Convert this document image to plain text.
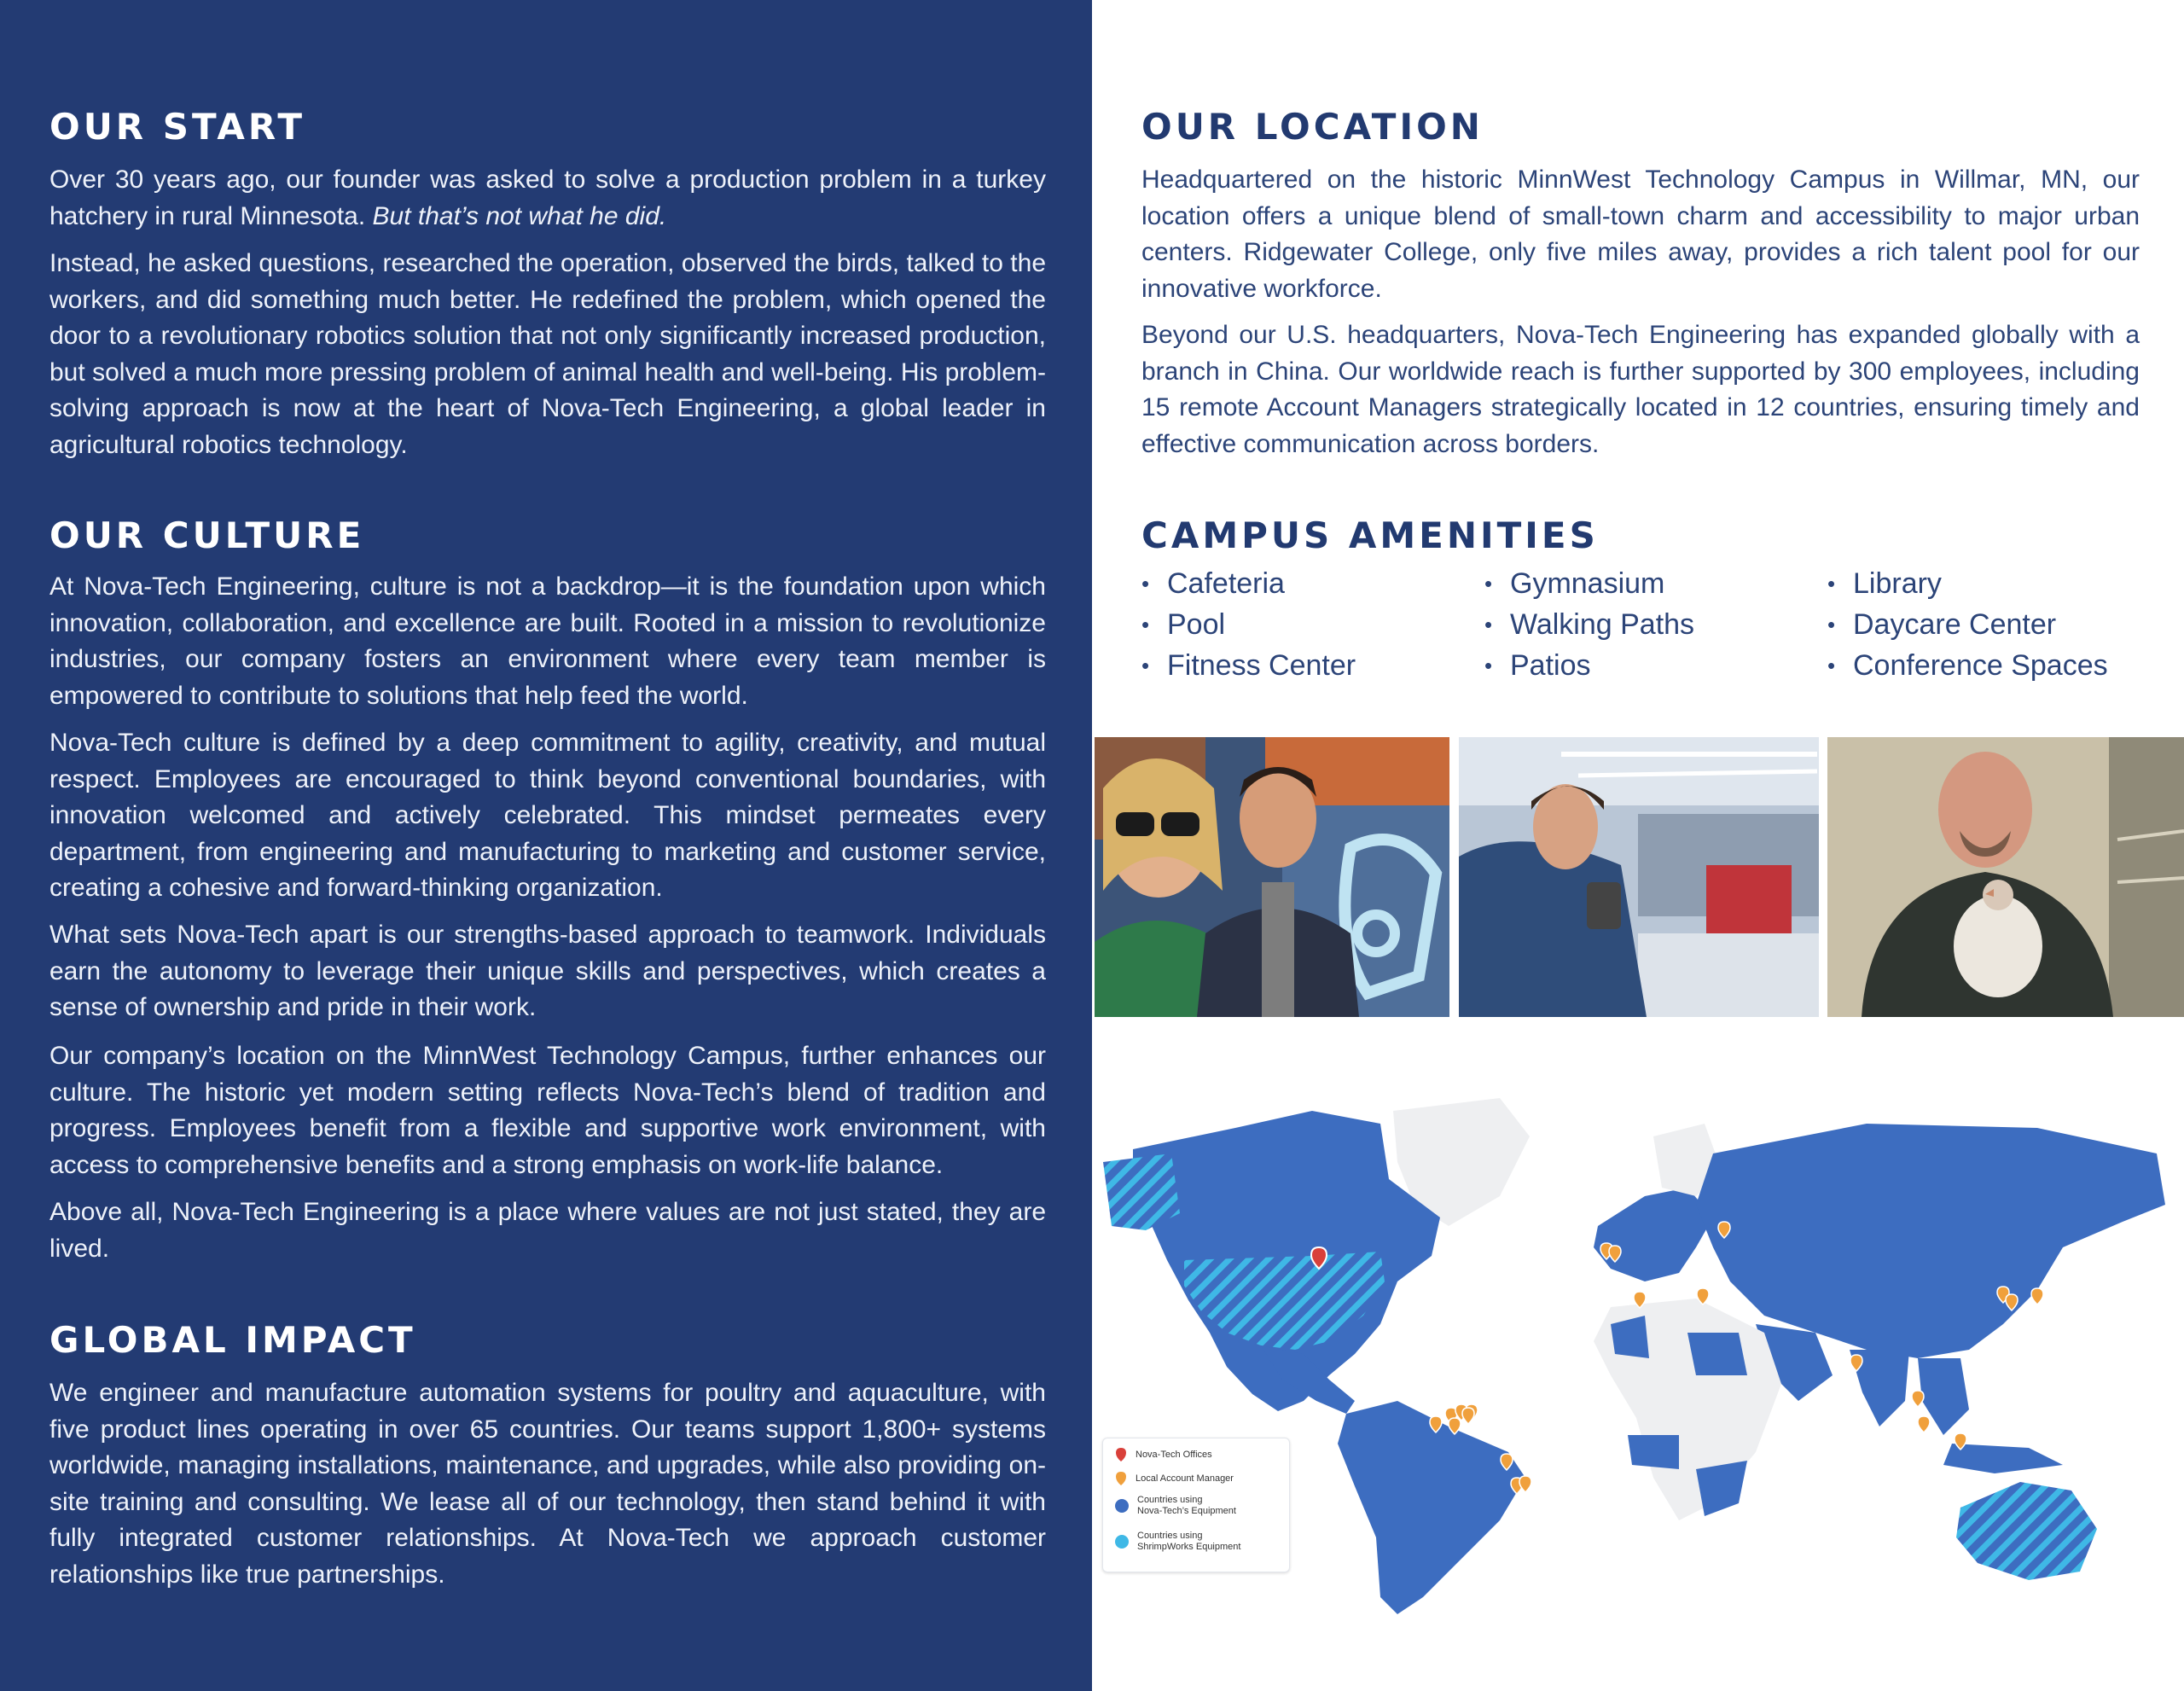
OUR START

Over 30 years ago, our founder was asked to solve a production problem in a turkey hatchery in rural Minnesota. But that’s not what he did.

Instead, he asked questions, researched the operation, observed the birds, talked to the workers, and did something much better. He redefined the problem, which opened the door to a revolutionary robotics solution that not only significantly increased production, but solved a much more pressing problem of animal health and well-being. His problem-solving approach is now at the heart of Nova-Tech Engineering, a global leader in agricultural robotics technology.

OUR CULTURE

At Nova-Tech Engineering, culture is not a backdrop—it is the foundation upon which innovation, collaboration, and excellence are built. Rooted in a mission to revolutionize industries, our company fosters an environment where every team member is empowered to contribute to solutions that help feed the world.

Nova-Tech culture is defined by a deep commitment to agility, creativity, and mutual respect. Employees are encouraged to think beyond conventional boundaries, with innovation welcomed and actively celebrated. This mindset permeates every department, from engineering and manufacturing to marketing and customer service, creating a cohesive and forward-thinking organization.

What sets Nova-Tech apart is our strengths-based approach to teamwork. Individuals earn the autonomy to leverage their unique skills and perspectives, which creates a sense of ownership and pride in their work.

Our company’s location on the MinnWest Technology Campus, further enhances our culture. The historic yet modern setting reflects Nova-Tech’s blend of tradition and progress. Employees benefit from a flexible and supportive work environment, with access to comprehensive benefits and a strong emphasis on work-life balance.

Above all, Nova-Tech Engineering is a place where values are not just stated, they are lived.

GLOBAL IMPACT

We engineer and manufacture automation systems for poultry and aquaculture, with five product lines operating in over 65 countries. Our teams support 1,800+ systems worldwide, managing installations, maintenance, and upgrades, while also providing on-site training and consulting. We lease all of our technology, then stand behind it with fully integrated customer relationships. At Nova-Tech we approach customer relationships like true partnerships.

OUR LOCATION

Headquartered on the historic MinnWest Technology Campus in Willmar, MN, our location offers a unique blend of small-town charm and accessibility to major urban centers. Ridgewater College, only five miles away, provides a rich talent pool for our innovative workforce.

Beyond our U.S. headquarters, Nova-Tech Engineering has expanded globally with a branch in China. Our worldwide reach is further supported by 300 employees, including 15 remote Account Managers strategically located in 12 countries, ensuring timely and effective communication across borders.

CAMPUS AMENITIES
• Cafeteria	• Gymnasium	• Library
• Pool	• Walking Paths	• Daycare Center
• Fitness Center	• Patios	• Conference Spaces
Nova-Tech Offices
Local Account Manager
Countries using
Nova-Tech’s Equipment
Countries using
ShrimpWorks Equipment
